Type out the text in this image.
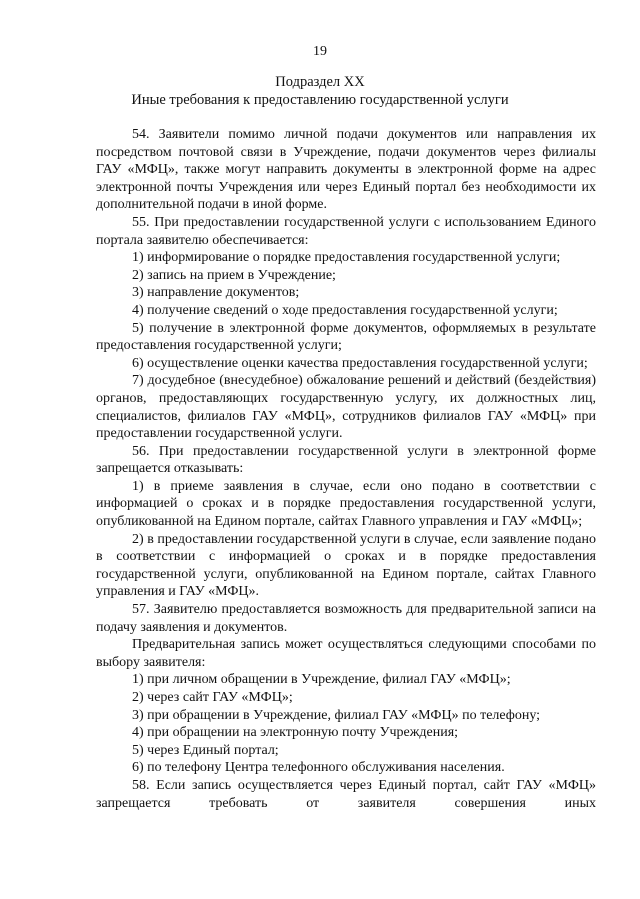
19
Подраздел XX
Иные требования к предоставлению государственной услуги

54. Заявители помимо личной подачи документов или направления их посредством почтовой связи в Учреждение, подачи документов через филиалы ГАУ «МФЦ», также могут направить документы в электронной форме на адрес электронной почты Учреждения или через Единый портал без необходимости их дополнительной подачи в иной форме.

55. При предоставлении государственной услуги с использованием Единого портала заявителю обеспечивается:

1) информирование о порядке предоставления государственной услуги;

2) запись на прием в Учреждение;

3) направление документов;

4) получение сведений о ходе предоставления государственной услуги;

5) получение в электронной форме документов, оформляемых в результате предоставления государственной услуги;

6) осуществление оценки качества предоставления государственной услуги;

7) досудебное (внесудебное) обжалование решений и действий (бездействия) органов, предоставляющих государственную услугу, их должностных лиц, специалистов, филиалов ГАУ «МФЦ», сотрудников филиалов ГАУ «МФЦ» при предоставлении государственной услуги.

56. При предоставлении государственной услуги в электронной форме запрещается отказывать:

1) в приеме заявления в случае, если оно подано в соответствии с информацией о сроках и в порядке предоставления государственной услуги, опубликованной на Едином портале, сайтах Главного управления и ГАУ «МФЦ»;

2) в предоставлении государственной услуги в случае, если заявление подано в соответствии с информацией о сроках и в порядке предоставления государственной услуги, опубликованной на Едином портале, сайтах Главного управления и ГАУ «МФЦ».

57. Заявителю предоставляется возможность для предварительной записи на подачу заявления и документов.

Предварительная запись может осуществляться следующими способами по выбору заявителя:

1) при личном обращении в Учреждение, филиал ГАУ «МФЦ»;

2) через сайт ГАУ «МФЦ»;

3) при обращении в Учреждение, филиал ГАУ «МФЦ» по телефону;

4) при обращении на электронную почту Учреждения;

5) через Единый портал;

6) по телефону Центра телефонного обслуживания населения.

58. Если запись осуществляется через Единый портал, сайт ГАУ «МФЦ» запрещается требовать от заявителя совершения иных
